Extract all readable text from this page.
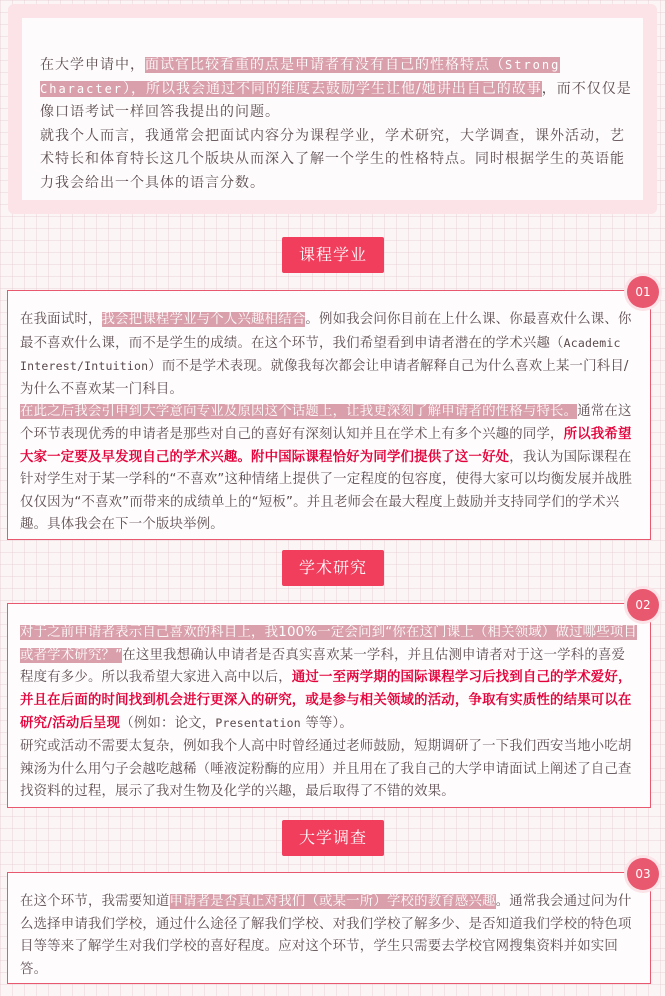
在大学申请中，面试官比较看重的点是申请者有没有自己的性格特点（Strong Character），所以我会通过不同的维度去鼓励学生让他/她讲出自己的故事，而不仅仅是像口语考试一样回答我提出的问题。

就我个人而言，我通常会把面试内容分为课程学业，学术研究，大学调查，课外活动，艺术特长和体育特长这几个版块从而深入了解一个学生的性格特点。同时根据学生的英语能力我会给出一个具体的语言分数。

课程学业

在我面试时，我会把课程学业与个人兴趣相结合。例如我会问你目前在上什么课、你最喜欢什么课、你最不喜欢什么课，而不是学生的成绩。在这个环节，我们希望看到申请者潜在的学术兴趣（Academic Interest/Intuition）而不是学术表现。就像我每次都会让申请者解释自己为什么喜欢上某一门科目/为什么不喜欢某一门科目。

在此之后我会引申到大学意向专业及原因这个话题上，让我更深刻了解申请者的性格与特长。通常在这个环节表现优秀的申请者是那些对自己的喜好有深刻认知并且在学术上有多个兴趣的同学，所以我希望大家一定要及早发现自己的学术兴趣。附中国际课程恰好为同学们提供了这一好处，我认为国际课程在针对学生对于某一学科的“不喜欢”这种情绪上提供了一定程度的包容度，使得大家可以均衡发展并战胜仅仅因为“不喜欢”而带来的成绩单上的“短板”。并且老师会在最大程度上鼓励并支持同学们的学术兴趣。具体我会在下一个版块举例。

01
学术研究

对于之前申请者表示自己喜欢的科目上，我100%一定会问到“你在这门课上（相关领域）做过哪些项目或者学术研究？”在这里我想确认申请者是否真实喜欢某一学科，并且估测申请者对于这一学科的喜爱程度有多少。所以我希望大家进入高中以后，通过一至两学期的国际课程学习后找到自己的学术爱好，并且在后面的时间找到机会进行更深入的研究，或是参与相关领域的活动，争取有实质性的结果可以在研究/活动后呈现（例如：论文，Presentation 等等）。

研究或活动不需要太复杂，例如我个人高中时曾经通过老师鼓励，短期调研了一下我们西安当地小吃胡辣汤为什么用勺子会越吃越稀（唾液淀粉酶的应用）并且用在了我自己的大学申请面试上阐述了自己查找资料的过程，展示了我对生物及化学的兴趣，最后取得了不错的效果。

02
大学调查

在这个环节，我需要知道申请者是否真正对我们（或某一所）学校的教育感兴趣。通常我会通过问为什么选择申请我们学校，通过什么途径了解我们学校、对我们学校了解多少、是否知道我们学校的特色项目等等来了解学生对我们学校的喜好程度。应对这个环节，学生只需要去学校官网搜集资料并如实回答。

03
